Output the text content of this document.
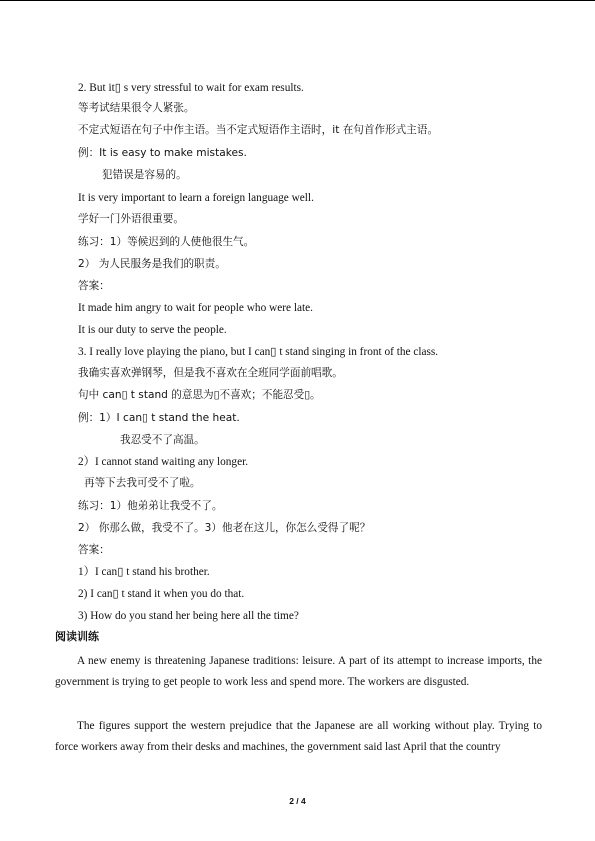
2. But it▯ s very stressful to wait for exam results.
等考试结果很令人紧张。
不定式短语在句子中作主语。当不定式短语作主语时，it 在句首作形式主语。
例：It is easy to make mistakes.
犯错误是容易的。
It is very important to learn a foreign language well.
学好一门外语很重要。
练习：1）等候迟到的人使他很生气。
2） 为人民服务是我们的职责。
答案：
It made him angry to wait for people who were late.
It is our duty to serve the people.
3. I really love playing the piano, but I can▯ t stand singing in front of the class.
我确实喜欢弹钢琴，但是我不喜欢在全班同学面前唱歌。
句中 can▯ t stand 的意思为▯不喜欢；不能忍受▯。
例：1）I can▯ t stand the heat.
我忍受不了高温。
2）I cannot stand waiting any longer.
再等下去我可受不了啦。
练习：1）他弟弟让我受不了。
2） 你那么做，我受不了。3）他老在这儿，你怎么受得了呢？
答案：
1）I can▯ t stand his brother.
2) I can▯ t stand it when you do that.
3) How do you stand her being here all the time?
阅读训练
A new enemy is threatening Japanese traditions: leisure. A part of its attempt to increase imports, the government is trying to get people to work less and spend more. The workers are disgusted.
The figures support the western prejudice that the Japanese are all working without play. Trying to force workers away from their desks and machines, the government said last April that the country
2 / 4
